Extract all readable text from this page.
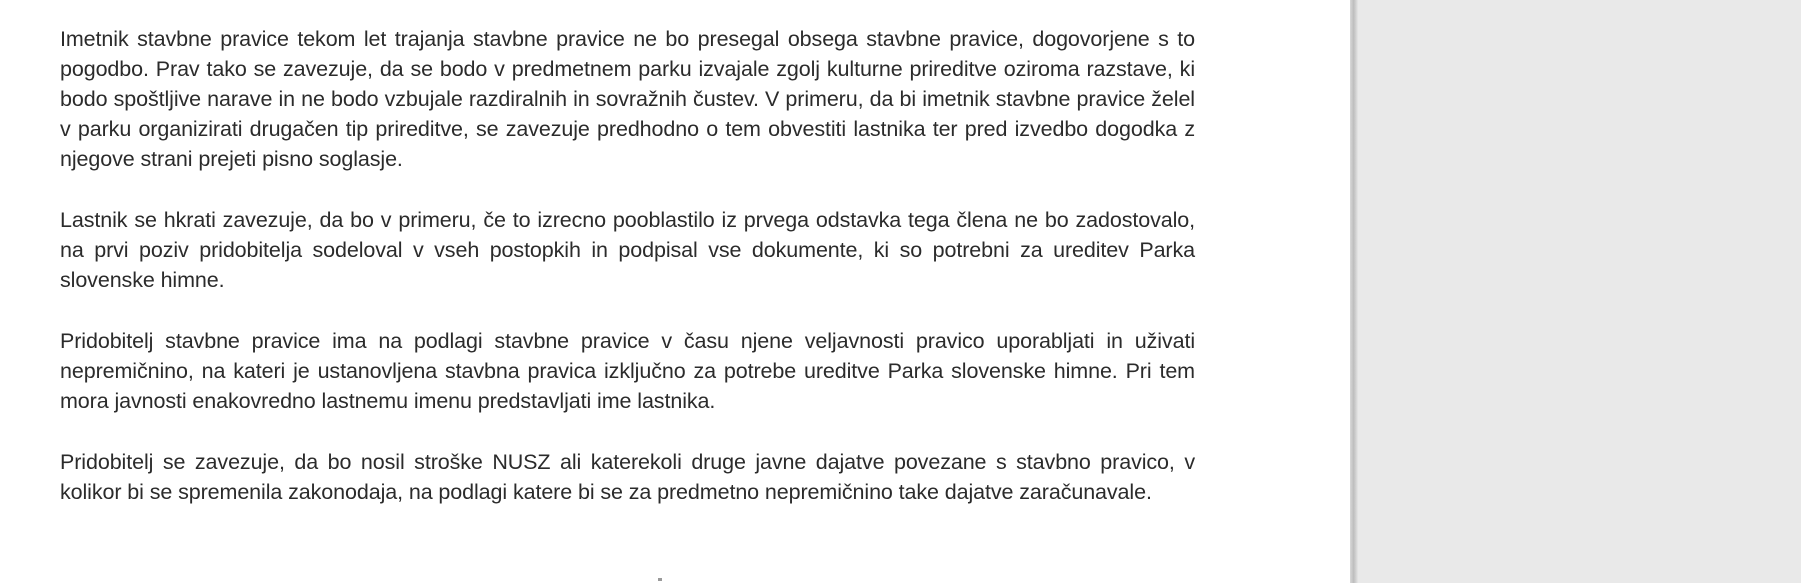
Imetnik stavbne pravice tekom let trajanja stavbne pravice ne bo presegal obsega stavbne pravice, dogovorjene s to pogodbo. Prav tako se zavezuje, da se bodo v predmetnem parku izvajale zgolj kulturne prireditve oziroma razstave, ki bodo spoštljive narave in ne bodo vzbujale razdiralnih in sovražnih čustev. V primeru, da bi imetnik stavbne pravice želel v parku organizirati drugačen tip prireditve, se zavezuje predhodno o tem obvestiti lastnika ter pred izvedbo dogodka z njegove strani prejeti pisno soglasje.

Lastnik se hkrati zavezuje, da bo v primeru, če to izrecno pooblastilo iz prvega odstavka tega člena ne bo zadostovalo, na prvi poziv pridobitelja sodeloval v vseh postopkih in podpisal vse dokumente, ki so potrebni za ureditev Parka slovenske himne.

Pridobitelj stavbne pravice ima na podlagi stavbne pravice v času njene veljavnosti pravico uporabljati in uživati nepremičnino, na kateri je ustanovljena stavbna pravica izključno za potrebe ureditve Parka slovenske himne. Pri tem mora javnosti enakovredno lastnemu imenu predstavljati ime lastnika.

Pridobitelj se zavezuje, da bo nosil stroške NUSZ ali katerekoli druge javne dajatve povezane s stavbno pravico, v kolikor bi se spremenila zakonodaja, na podlagi katere bi se za predmetno nepremičnino take dajatve zaračunavale.
